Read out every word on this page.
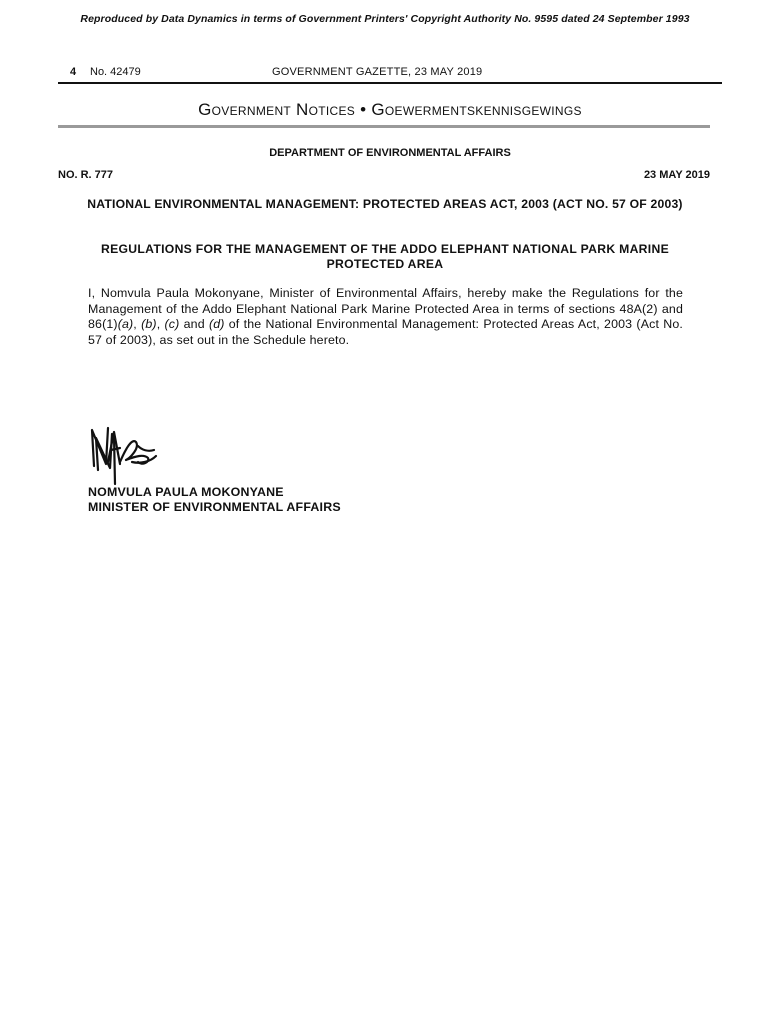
Reproduced by Data Dynamics in terms of Government Printers' Copyright Authority No. 9595 dated 24 September 1993
4 No. 42479	GOVERNMENT GAZETTE, 23 MAY 2019
Government Notices • Goewermentskennisgewings
DEPARTMENT OF ENVIRONMENTAL AFFAIRS
NO. R. 777	23 MAY 2019
NATIONAL ENVIRONMENTAL MANAGEMENT: PROTECTED AREAS ACT, 2003 (ACT NO. 57 OF 2003)
REGULATIONS FOR THE MANAGEMENT OF THE ADDO ELEPHANT NATIONAL PARK MARINE PROTECTED AREA
I, Nomvula Paula Mokonyane, Minister of Environmental Affairs, hereby make the Regulations for the Management of the Addo Elephant National Park Marine Protected Area in terms of sections 48A(2) and 86(1)(a), (b), (c) and (d) of the National Environmental Management: Protected Areas Act, 2003 (Act No. 57 of 2003), as set out in the Schedule hereto.
NOMVULA PAULA MOKONYANE
MINISTER OF ENVIRONMENTAL AFFAIRS
